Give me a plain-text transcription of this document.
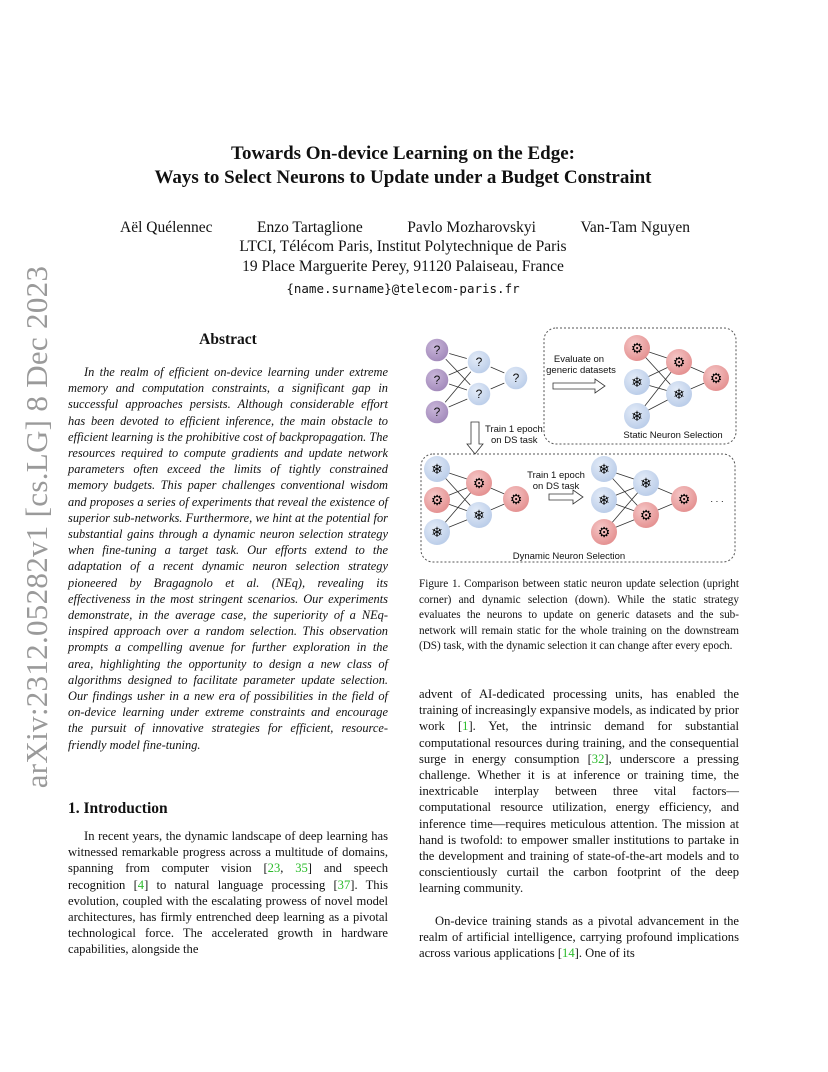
arXiv:2312.05282v1 [cs.LG] 8 Dec 2023
Towards On-device Learning on the Edge:
Ways to Select Neurons to Update under a Budget Constraint
Aël Quélennec	Enzo Tartaglione	Pavlo Mozharovskyi	Van-Tam Nguyen
LTCI, Télécom Paris, Institut Polytechnique de Paris
19 Place Marguerite Perey, 91120 Palaiseau, France
{name.surname}@telecom-paris.fr
Abstract

In the realm of efficient on-device learning under extreme memory and computation constraints, a significant gap in successful approaches persists. Although considerable effort has been devoted to efficient inference, the main obstacle to efficient learning is the prohibitive cost of backpropagation. The resources required to compute gradients and update network parameters often exceed the limits of tightly constrained memory budgets. This paper challenges conventional wisdom and proposes a series of experiments that reveal the existence of superior sub-networks. Furthermore, we hint at the potential for substantial gains through a dynamic neuron selection strategy when fine-tuning a target task. Our efforts extend to the adaptation of a recent dynamic neuron selection strategy pioneered by Bragagnolo et al. (NEq), revealing its effectiveness in the most stringent scenarios. Our experiments demonstrate, in the average case, the superiority of a NEq-inspired approach over a random selection. This observation prompts a compelling avenue for further exploration in the area, highlighting the opportunity to design a new class of algorithms designed to facilitate parameter update selection. Our findings usher in a new era of possibilities in the field of on-device learning under extreme constraints and encourage the pursuit of innovative strategies for efficient, resource-friendly model fine-tuning.

1. Introduction

In recent years, the dynamic landscape of deep learning has witnessed remarkable progress across a multitude of domains, spanning from computer vision [23, 35] and speech recognition [4] to natural language processing [37]. This evolution, coupled with the escalating prowess of novel model architectures, has firmly entrenched deep learning as a pivotal technological force. The accelerated growth in hardware capabilities, alongside the

?
?
?
?
?
?
Evaluate on
generic datasets
⚙
❄
❄
⚙
❄
⚙
Static Neuron Selection
Train 1 epoch
on DS task
❄
⚙
❄
⚙
❄
⚙
Train 1 epoch
on DS task
❄
❄
⚙
❄
⚙
⚙ . . .
Dynamic Neuron Selection
Figure 1. Comparison between static neuron update selection (upright corner) and dynamic selection (down). While the static strategy evaluates the neurons to update on generic datasets and the sub-network will remain static for the whole training on the downstream (DS) task, with the dynamic selection it can change after every epoch.

advent of AI-dedicated processing units, has enabled the training of increasingly expansive models, as indicated by prior work [1]. Yet, the intrinsic demand for substantial computational resources during training, and the consequential surge in energy consumption [32], underscore a pressing challenge. Whether it is at inference or training time, the inextricable interplay between three vital factors—computational resource utilization, energy efficiency, and inference time—requires meticulous attention. The mission at hand is twofold: to empower smaller institutions to partake in the development and training of state-of-the-art models and to conscientiously curtail the carbon footprint of the deep learning community.

On-device training stands as a pivotal advancement in the realm of artificial intelligence, carrying profound implications across various applications [14]. One of its
